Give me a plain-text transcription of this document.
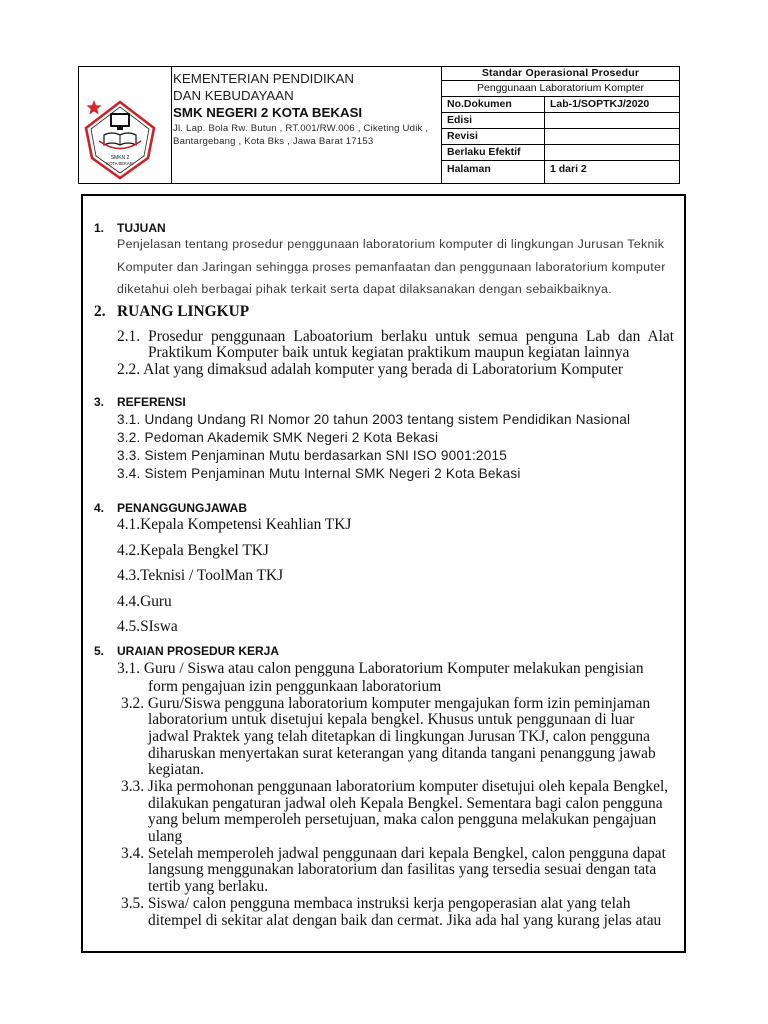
SMKN 2
KOTA BEKASI
KEMENTERIAN PENDIDIKAN
DAN KEBUDAYAAN
SMK NEGERI 2 KOTA BEKASI
Jl. Lap. Bola Rw. Butun , RT.001/RW.006 , Ciketing Udik ,
Bantargebang , Kota Bks , Jawa Barat 17153
Standar Operasional Prosedur
Penggunaan Laboratorium Kompter
No.Dokumen	Lab-1/SOPTKJ/2020
Edisi
Revisi
Berlaku Efektif
Halaman	1 dari 2
1. TUJUAN
Penjelasan tentang prosedur penggunaan laboratorium komputer di lingkungan Jurusan Teknik
Komputer dan Jaringan sehingga proses pemanfaatan dan penggunaan laboratorium komputer
diketahui oleh berbagai pihak terkait serta dapat dilaksanakan dengan sebaikbaiknya.
2. RUANG LINGKUP
2.1. Prosedur penggunaan Laboatorium berlaku untuk semua penguna Lab dan Alat
Praktikum Komputer baik untuk kegiatan praktikum maupun kegiatan lainnya
2.2. Alat yang dimaksud adalah komputer yang berada di Laboratorium Komputer
3. REFERENSI
3.1. Undang Undang RI Nomor 20 tahun 2003 tentang sistem Pendidikan Nasional
3.2. Pedoman Akademik SMK Negeri 2 Kota Bekasi
3.3. Sistem Penjaminan Mutu berdasarkan SNI ISO 9001:2015
3.4. Sistem Penjaminan Mutu Internal SMK Negeri 2 Kota Bekasi
4. PENANGGUNGJAWAB
4.1.Kepala Kompetensi Keahlian TKJ
4.2.Kepala Bengkel TKJ
4.3.Teknisi / ToolMan TKJ
4.4.Guru
4.5.SIswa
5. URAIAN PROSEDUR KERJA
3.1. Guru / Siswa atau calon pengguna Laboratorium Komputer melakukan pengisian
form pengajuan izin penggunkaan laboratorium
3.2. Guru/Siswa pengguna laboratorium komputer mengajukan form izin peminjaman
laboratorium untuk disetujui kepala bengkel. Khusus untuk penggunaan di luar
jadwal Praktek yang telah ditetapkan di lingkungan Jurusan TKJ, calon pengguna
diharuskan menyertakan surat keterangan yang ditanda tangani penanggung jawab
kegiatan.
3.3. Jika permohonan penggunaan laboratorium komputer disetujui oleh kepala Bengkel,
dilakukan pengaturan jadwal oleh Kepala Bengkel. Sementara bagi calon pengguna
yang belum memperoleh persetujuan, maka calon pengguna melakukan pengajuan
ulang
3.4. Setelah memperoleh jadwal penggunaan dari kepala Bengkel, calon pengguna dapat
langsung menggunakan laboratorium dan fasilitas yang tersedia sesuai dengan tata
tertib yang berlaku.
3.5. Siswa/ calon pengguna membaca instruksi kerja pengoperasian alat yang telah
ditempel di sekitar alat dengan baik dan cermat. Jika ada hal yang kurang jelas atau
